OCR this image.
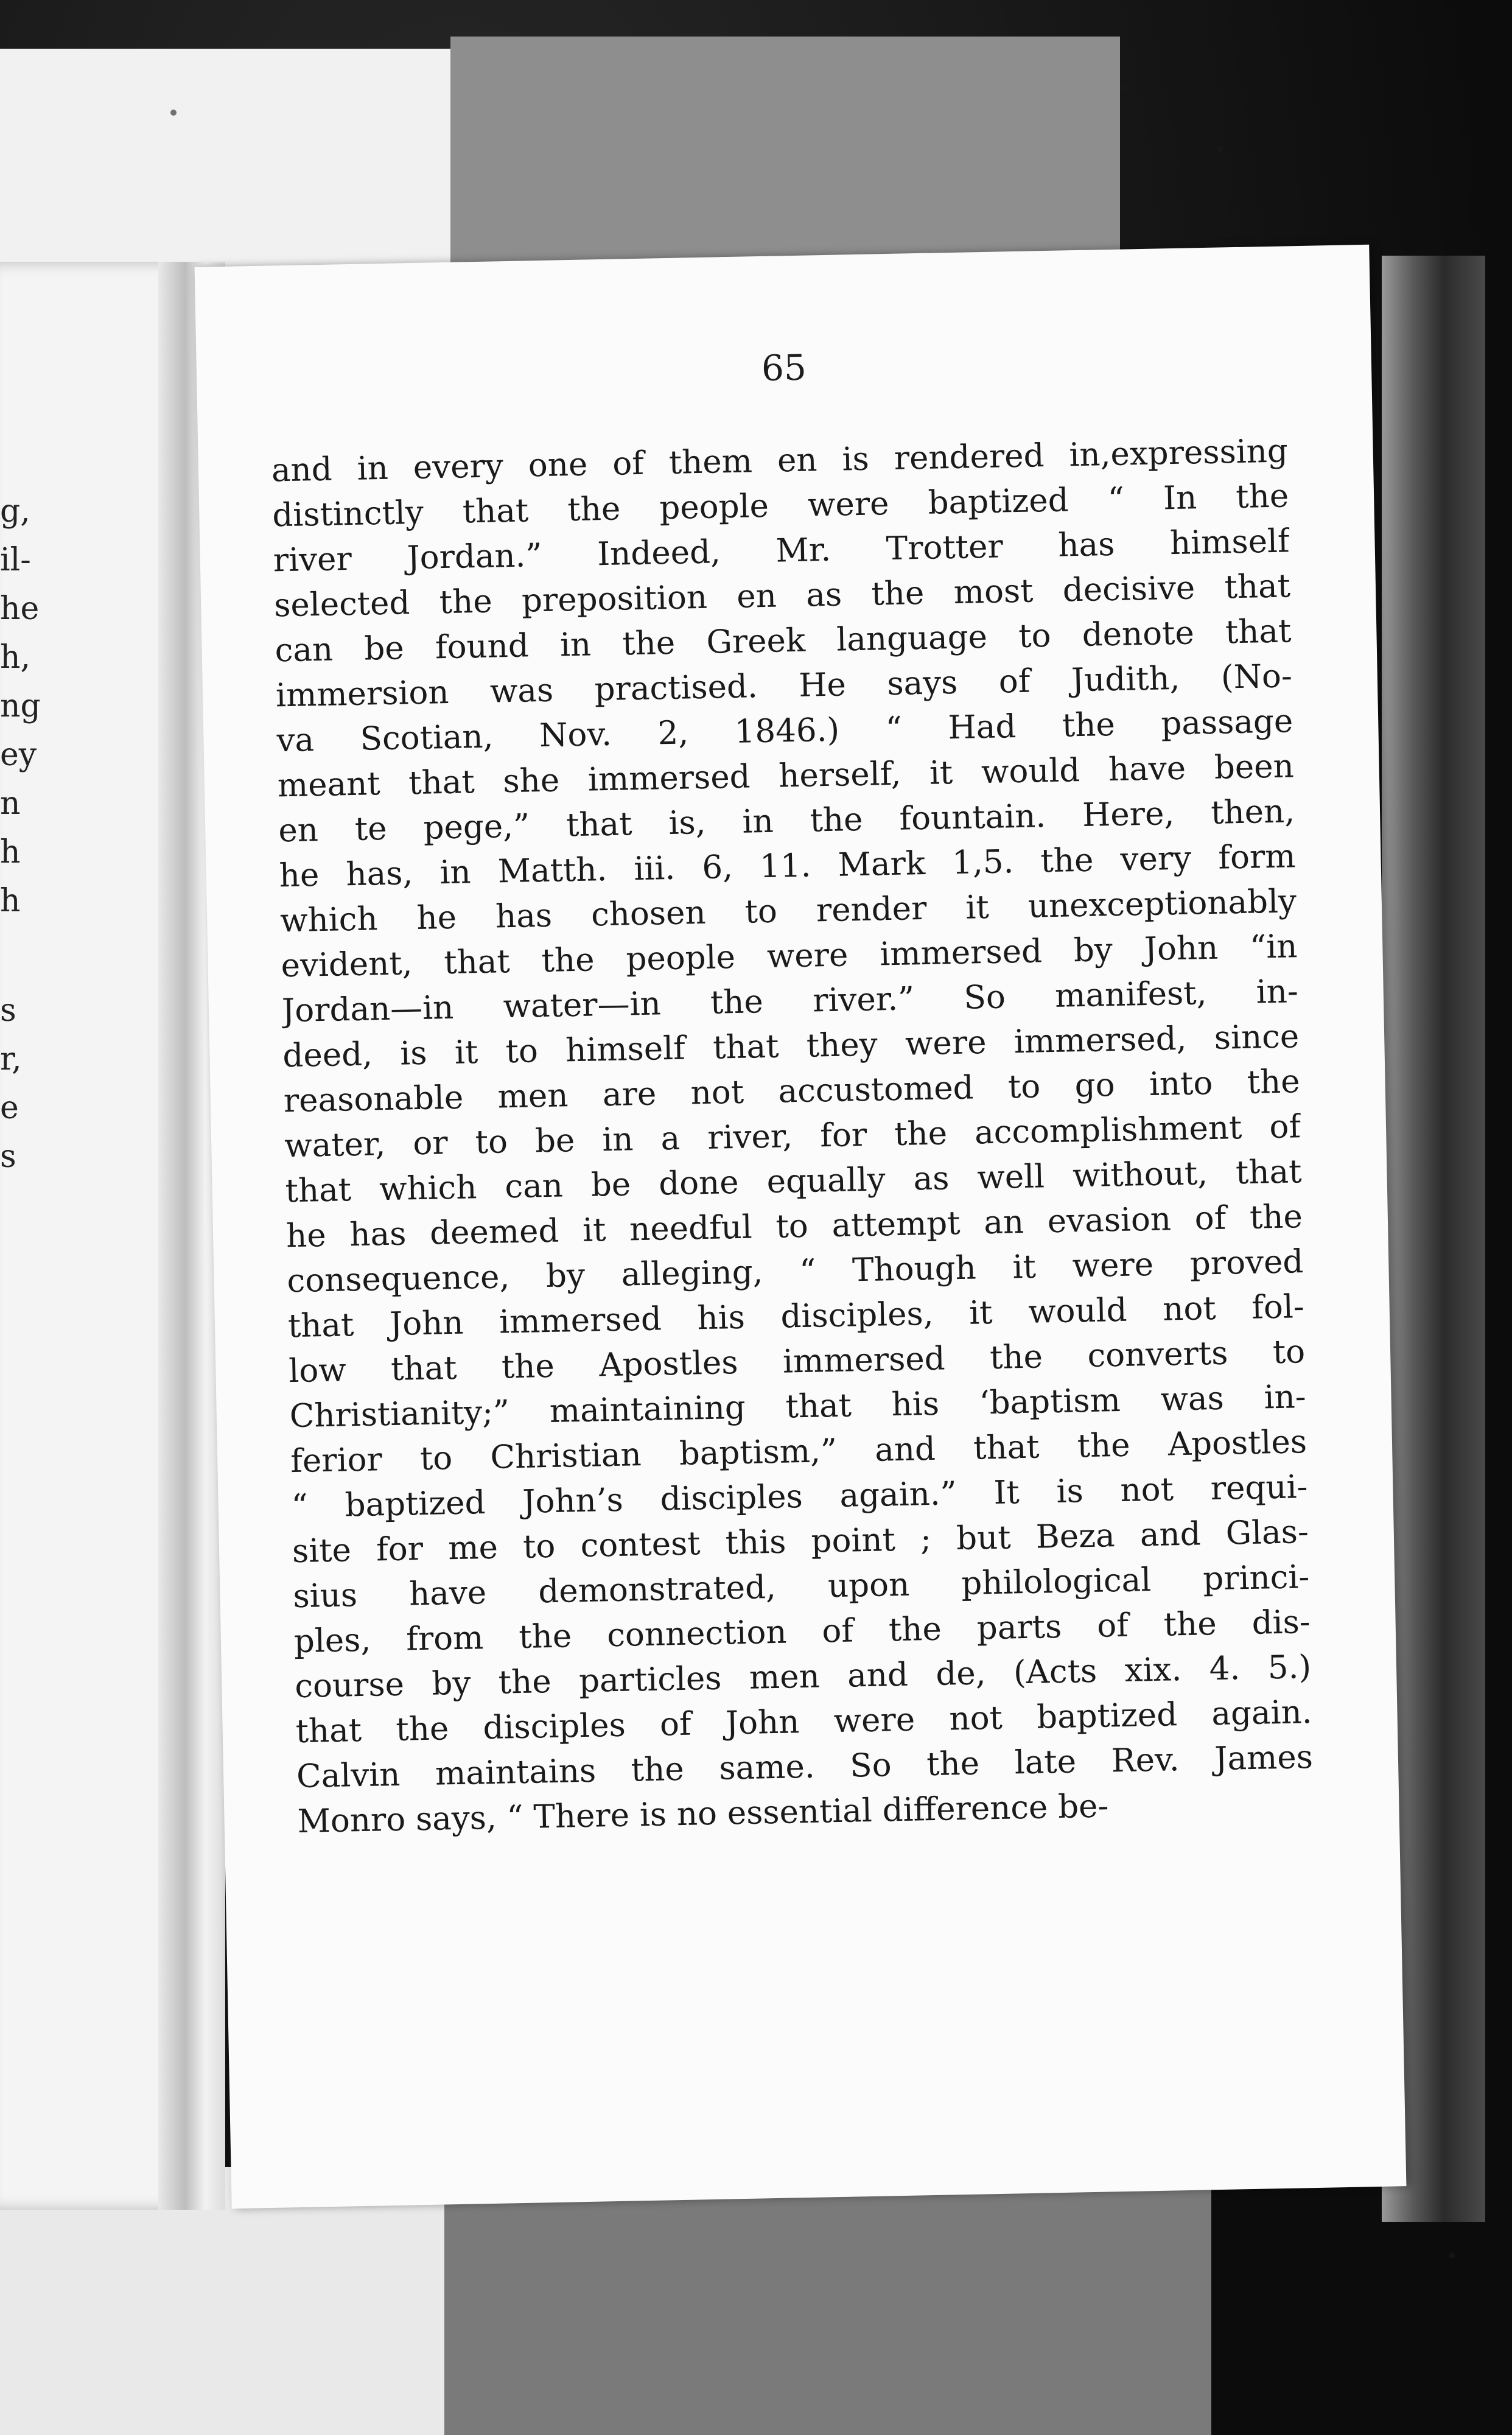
g,
il-
he
h,
ng
ey
n
h
h
s
r,
e
s
65
and in every one of them en is rendered in,expressing
distinctly that the people were baptized “ In the
river Jordan.” Indeed, Mr. Trotter has himself
selected the preposition en as the most decisive that
can be found in the Greek language to denote that
immersion was practised. He says of Judith, (No-
va Scotian, Nov. 2, 1846.) “ Had the passage
meant that she immersed herself, it would have been
en te pege,” that is, in the fountain. Here, then,
he has, in Matth. iii. 6, 11. Mark 1,5. the very form
which he has chosen to render it unexceptionably
evident, that the people were immersed by John “in
Jordan—in water—in the river.” So manifest, in-
deed, is it to himself that they were immersed, since
reasonable men are not accustomed to go into the
water, or to be in a river, for the accomplishment of
that which can be done equally as well without, that
he has deemed it needful to attempt an evasion of the
consequence, by alleging, “ Though it were proved
that John immersed his disciples, it would not fol-
low that the Apostles immersed the converts to
Christianity;” maintaining that his ‘baptism was in-
ferior to Christian baptism,” and that the Apostles
“ baptized John’s disciples again.” It is not requi-
site for me to contest this point ; but Beza and Glas-
sius have demonstrated, upon philological princi-
ples, from the connection of the parts of the dis-
course by the particles men and de, (Acts xix. 4. 5.)
that the disciples of John were not baptized again.
Calvin maintains the same. So the late Rev. James
Monro says, “ There is no essential difference be-
